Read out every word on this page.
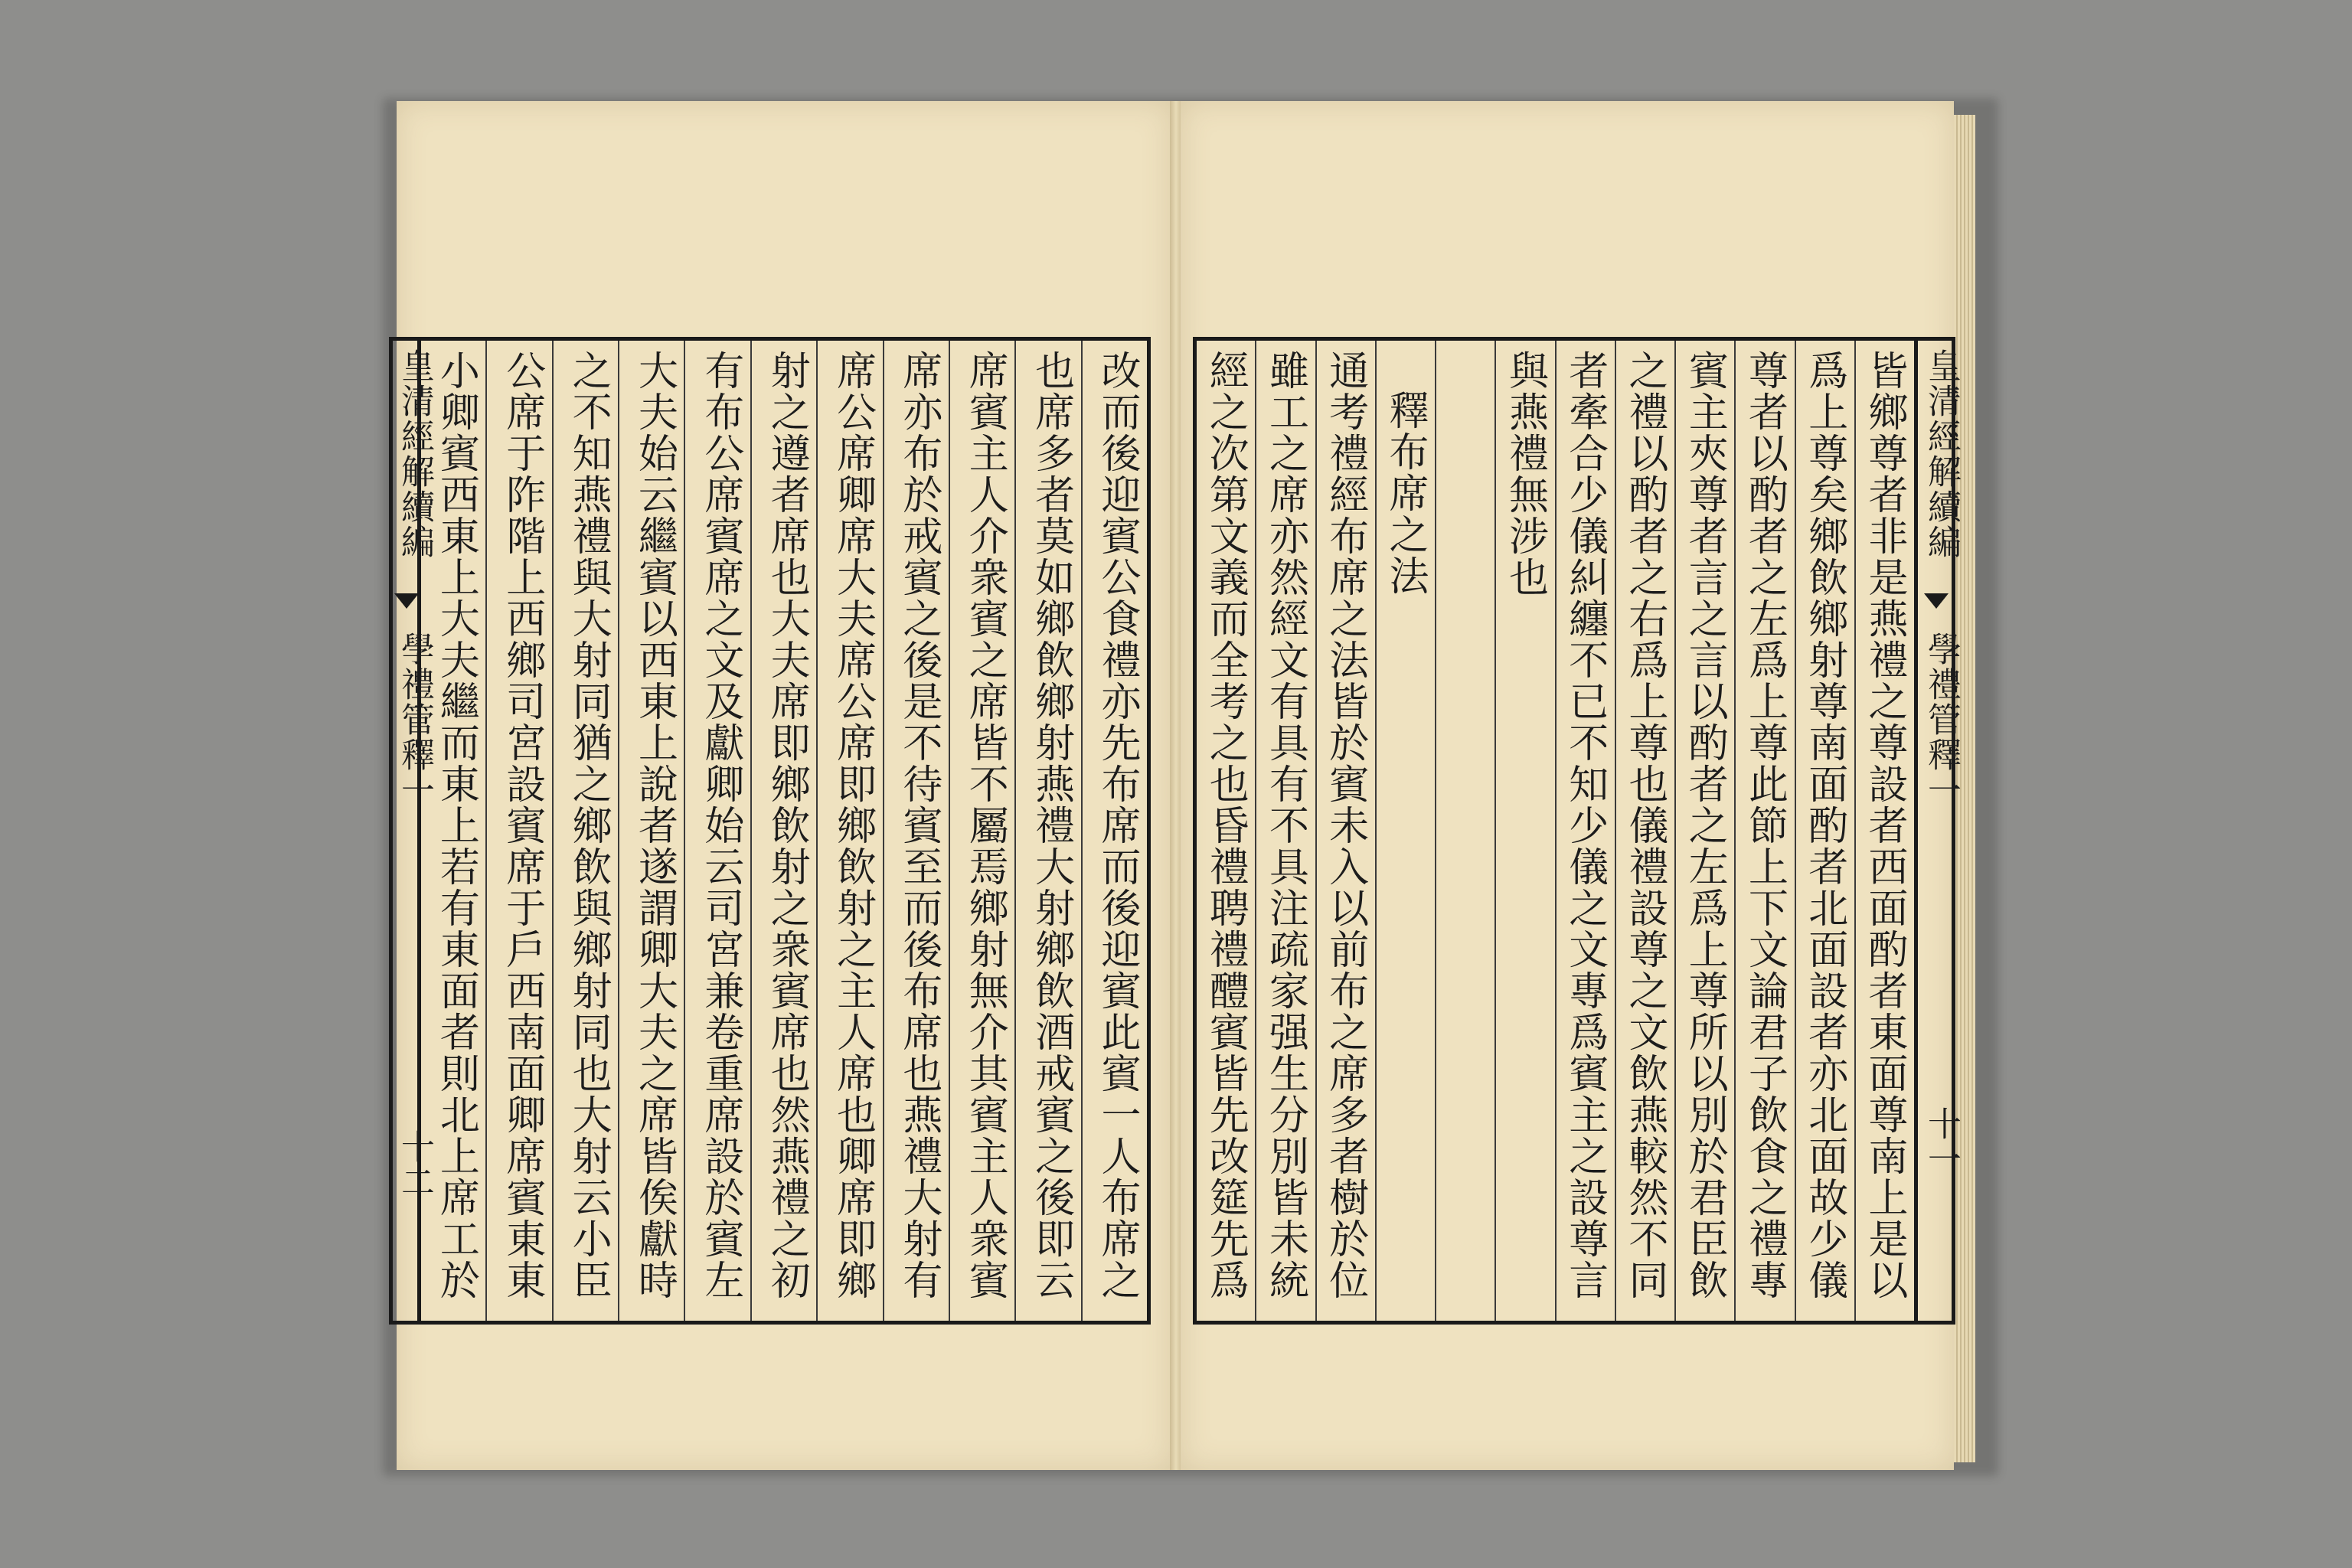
改而後迎賓公食禮亦先布席而後迎賓此賓一人布席之
也席多者莫如鄉飲鄉射燕禮大射鄉飲酒戒賓之後即云
席賓主人介衆賓之席皆不屬焉鄉射無介其賓主人衆賓
席亦布於戒賓之後是不待賓至而後布席也燕禮大射有
席公席卿席大夫席公席即鄉飲射之主人席也卿席即鄉
射之遵者席也大夫席即鄉飲射之衆賓席也然燕禮之初
有布公席賓席之文及獻卿始云司宮兼卷重席設於賓左
大夫始云繼賓以西東上說者遂謂卿大夫之席皆俟獻時
之不知燕禮與大射同猶之鄉飲與鄉射同也大射云小臣
公席于阼階上西鄉司宮設賓席于戶西南面卿席賓東東
小卿賓西東上大夫繼而東上若有東面者則北上席工於
皇清經解續編
學禮管釋一
十二
皆鄉尊者非是燕禮之尊設者西面酌者東面尊南上是以
爲上尊矣鄉飲鄉射尊南面酌者北面設者亦北面故少儀
尊者以酌者之左爲上尊此節上下文論君子飲食之禮專
賓主夾尊者言之言以酌者之左爲上尊所以別於君臣飲
之禮以酌者之右爲上尊也儀禮設尊之文飲燕較然不同
者牽合少儀糾纏不已不知少儀之文專爲賓主之設尊言
與燕禮無涉也
釋布席之法
通考禮經布席之法皆於賓未入以前布之席多者樹於位
雖工之席亦然經文有具有不具注疏家强生分別皆未統
經之次第文義而全考之也昏禮聘禮醴賓皆先改筵先爲
皇清經解續編
學禮管釋一
十一
